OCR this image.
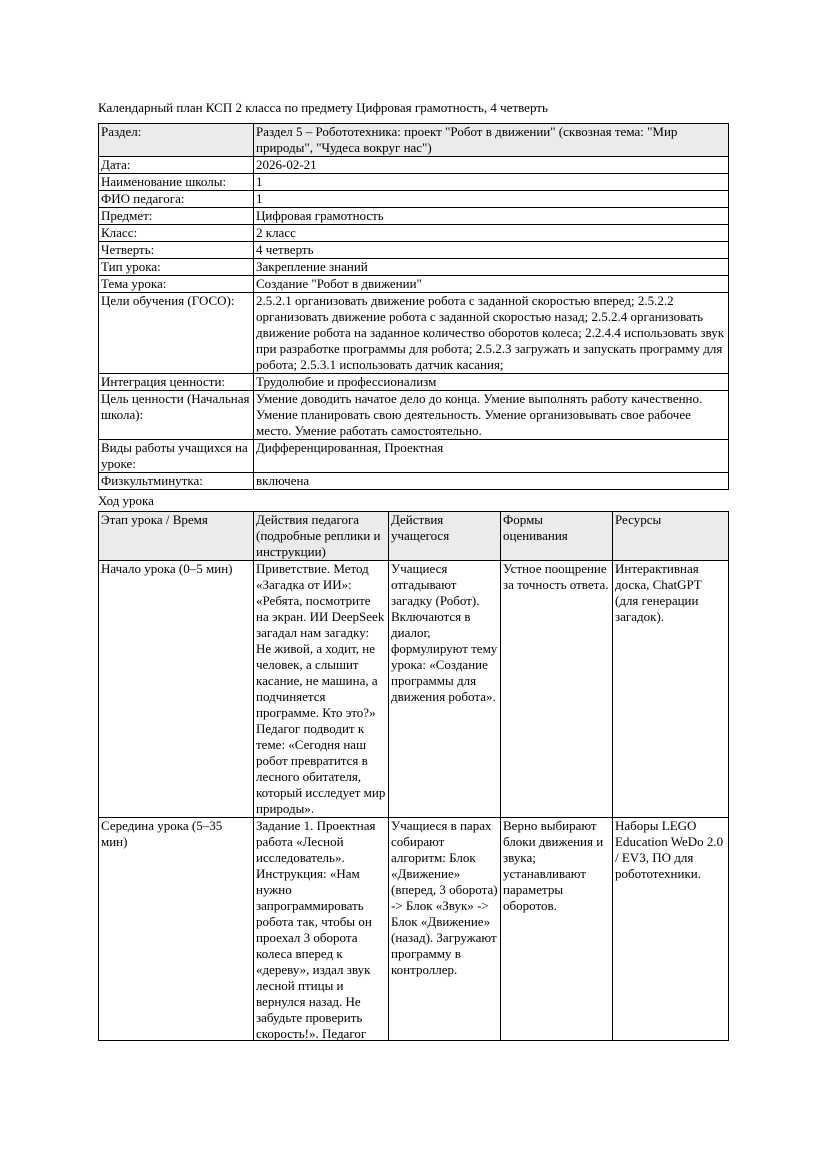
Календарный план КСП 2 класса по предмету Цифровая грамотность, 4 четверть
Раздел:	Раздел 5 – Робототехника: проект "Робот в движении" (сквозная тема: "Мир природы", "Чудеса вокруг нас")

Дата:	2026-02-21

Наименование школы:	1

ФИО педагога:	1

Предмет:	Цифровая грамотность

Класс:	2 класс

Четверть:	4 четверть

Тип урока:	Закрепление знаний

Тема урока:	Создание "Робот в движении"

Цели обучения (ГОСО):	2.5.2.1 организовать движение робота с заданной скоростью вперед; 2.5.2.2 организовать движение робота с заданной скоростью назад; 2.5.2.4 организовать движение робота на заданное количество оборотов колеса; 2.2.4.4 использовать звук при разработке программы для робота; 2.5.2.3 загружать и запускать программу для робота; 2.5.3.1 использовать датчик касания;

Интеграция ценности:	Трудолюбие и профессионализм

Цель ценности (Начальная школа):	Умение доводить начатое дело до конца. Умение выполнять работу качественно. Умение планировать свою деятельность. Умение организовывать свое рабочее место. Умение работать самостоятельно.

Виды работы учащихся на уроке:	Дифференцированная, Проектная

Физкультминутка:	включена
Ход урока
Этап урока / Время	Действия педагога (подробные реплики и инструкции)	Действия учащегося	Формы оценивания	Ресурсы

Начало урока (0–5 мин)	Приветствие. Метод «Загадка от ИИ»: «Ребята, посмотрите на экран. ИИ DeepSeek загадал нам загадку: Не живой, а ходит, не человек, а слышит касание, не машина, а подчиняется программе. Кто это?» Педагог подводит к теме: «Сегодня наш робот превратится в лесного обитателя, который исследует мир природы».	Учащиеся отгадывают загадку (Робот). Включаются в диалог, формулируют тему урока: «Создание программы для движения робота».	Устное поощрение за точность ответа.	Интерактивная доска, ChatGPT (для генерации загадок).

Середина урока (5–35 мин)	Задание 1. Проектная работа «Лесной исследователь». Инструкция: «Нам нужно запрограммировать робота так, чтобы он проехал 3 оборота колеса вперед к «дереву», издал звук лесной птицы и вернулся назад. Не забудьте проверить скорость!». Педагог	Учащиеся в парах собирают алгоритм: Блок «Движение» (вперед, 3 оборота) -> Блок «Звук» -> Блок «Движение» (назад). Загружают программу в контроллер.	Верно выбирают блоки движения и звука; устанавливают параметры оборотов.	Наборы LEGO Education WeDo 2.0 / EV3, ПО для робототехники.
